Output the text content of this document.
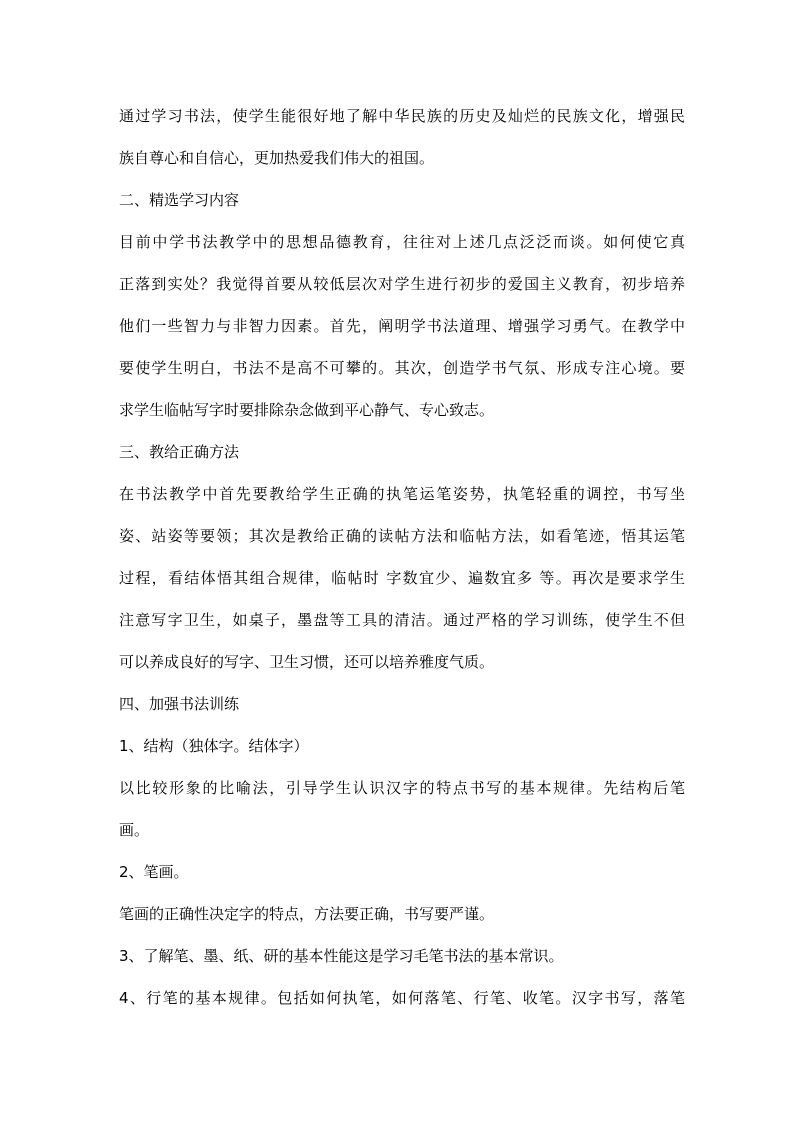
通过学习书法，使学生能很好地了解中华民族的历史及灿烂的民族文化，增强民
族自尊心和自信心，更加热爱我们伟大的祖国。
二、精选学习内容
目前中学书法教学中的思想品德教育，往往对上述几点泛泛而谈。如何使它真
正落到实处？我觉得首要从较低层次对学生进行初步的爱国主义教育，初步培养
他们一些智力与非智力因素。首先，阐明学书法道理、增强学习勇气。在教学中
要使学生明白，书法不是高不可攀的。其次，创造学书气氛、形成专注心境。要
求学生临帖写字时要排除杂念做到平心静气、专心致志。
三、教给正确方法
在书法教学中首先要教给学生正确的执笔运笔姿势，执笔轻重的调控，书写坐
姿、站姿等要领；其次是教给正确的读帖方法和临帖方法，如看笔迹，悟其运笔
过程，看结体悟其组合规律，临帖时 字数宜少、遍数宜多 等。再次是要求学生
注意写字卫生，如桌子，墨盘等工具的清洁。通过严格的学习训练，使学生不但
可以养成良好的写字、卫生习惯，还可以培养雅度气质。
四、加强书法训练
1、结构（独体字。结体字）
以比较形象的比喻法，引导学生认识汉字的特点书写的基本规律。先结构后笔
画。
2、笔画。
笔画的正确性决定字的特点，方法要正确，书写要严谨。
3、了解笔、墨、纸、研的基本性能这是学习毛笔书法的基本常识。
4、行笔的基本规律。包括如何执笔，如何落笔、行笔、收笔。汉字书写，落笔
